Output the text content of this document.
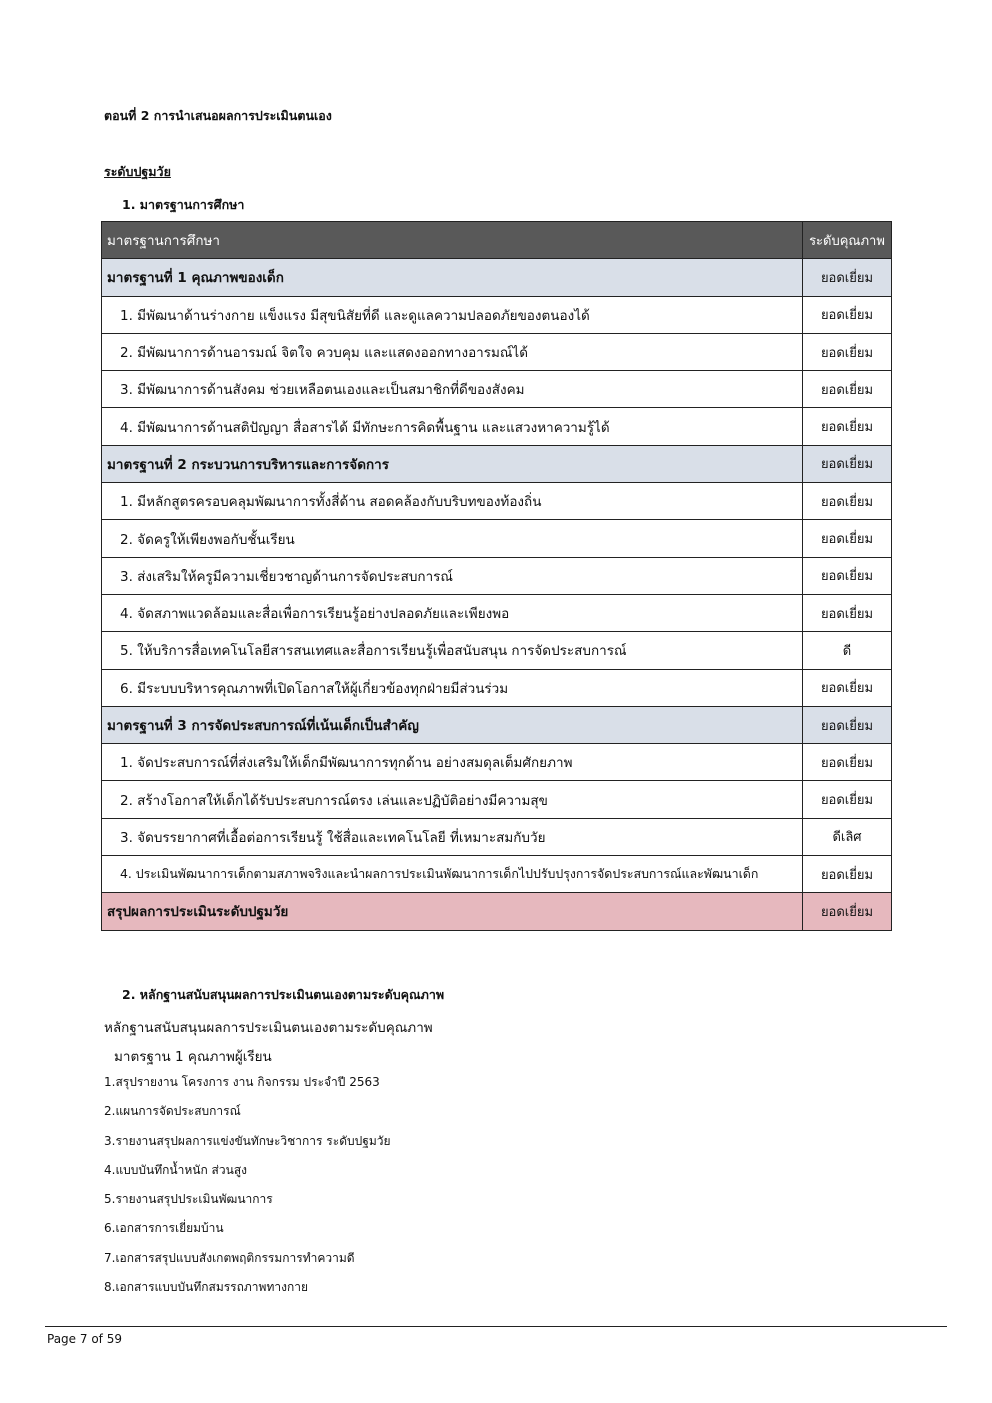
ตอนที่ 2 การนำเสนอผลการประเมินตนเอง
ระดับปฐมวัย
1. มาตรฐานการศึกษา
มาตรฐานการศึกษา	ระดับคุณภาพ
มาตรฐานที่ 1 คุณภาพของเด็ก	ยอดเยี่ยม
1. มีพัฒนาด้านร่างกาย แข็งแรง มีสุขนิสัยที่ดี และดูแลความปลอดภัยของตนองได้	ยอดเยี่ยม
2. มีพัฒนาการด้านอารมณ์ จิตใจ ควบคุม และแสดงออกทางอารมณ์ได้	ยอดเยี่ยม
3. มีพัฒนาการด้านสังคม ช่วยเหลือตนเองและเป็นสมาชิกที่ดีของสังคม	ยอดเยี่ยม
4. มีพัฒนาการด้านสติปัญญา สื่อสารได้ มีทักษะการคิดพื้นฐาน และแสวงหาความรู้ได้	ยอดเยี่ยม
มาตรฐานที่ 2 กระบวนการบริหารและการจัดการ	ยอดเยี่ยม
1. มีหลักสูตรครอบคลุมพัฒนาการทั้งสี่ด้าน สอดคล้องกับบริบทของท้องถิ่น	ยอดเยี่ยม
2. จัดครูให้เพียงพอกับชั้นเรียน	ยอดเยี่ยม
3. ส่งเสริมให้ครูมีความเชี่ยวชาญด้านการจัดประสบการณ์	ยอดเยี่ยม
4. จัดสภาพแวดล้อมและสื่อเพื่อการเรียนรู้อย่างปลอดภัยและเพียงพอ	ยอดเยี่ยม
5. ให้บริการสื่อเทคโนโลยีสารสนเทศและสื่อการเรียนรู้เพื่อสนับสนุน การจัดประสบการณ์	ดี
6. มีระบบบริหารคุณภาพที่เปิดโอกาสให้ผู้เกี่ยวข้องทุกฝ่ายมีส่วนร่วม	ยอดเยี่ยม
มาตรฐานที่ 3 การจัดประสบการณ์ที่เน้นเด็กเป็นสำคัญ	ยอดเยี่ยม
1. จัดประสบการณ์ที่ส่งเสริมให้เด็กมีพัฒนาการทุกด้าน อย่างสมดุลเต็มศักยภาพ	ยอดเยี่ยม
2. สร้างโอกาสให้เด็กได้รับประสบการณ์ตรง เล่นและปฏิบัติอย่างมีความสุข	ยอดเยี่ยม
3. จัดบรรยากาศที่เอื้อต่อการเรียนรู้ ใช้สื่อและเทคโนโลยี ที่เหมาะสมกับวัย	ดีเลิศ
4. ประเมินพัฒนาการเด็กตามสภาพจริงและนำผลการประเมินพัฒนาการเด็กไปปรับปรุงการจัดประสบการณ์และพัฒนาเด็ก	ยอดเยี่ยม
สรุปผลการประเมินระดับปฐมวัย	ยอดเยี่ยม
2. หลักฐานสนับสนุนผลการประเมินตนเองตามระดับคุณภาพ
หลักฐานสนับสนุนผลการประเมินตนเองตามระดับคุณภาพ
มาตรฐาน 1 คุณภาพผู้เรียน
1.สรุปรายงาน โครงการ งาน กิจกรรม ประจำปี 2563
2.แผนการจัดประสบการณ์
3.รายงานสรุปผลการแข่งขันทักษะวิชาการ ระดับปฐมวัย
4.แบบบันทึกน้ำหนัก ส่วนสูง
5.รายงานสรุปประเมินพัฒนาการ
6.เอกสารการเยี่ยมบ้าน
7.เอกสารสรุปแบบสังเกตพฤติกรรมการทำความดี
8.เอกสารแบบบันทึกสมรรถภาพทางกาย
Page 7 of 59
